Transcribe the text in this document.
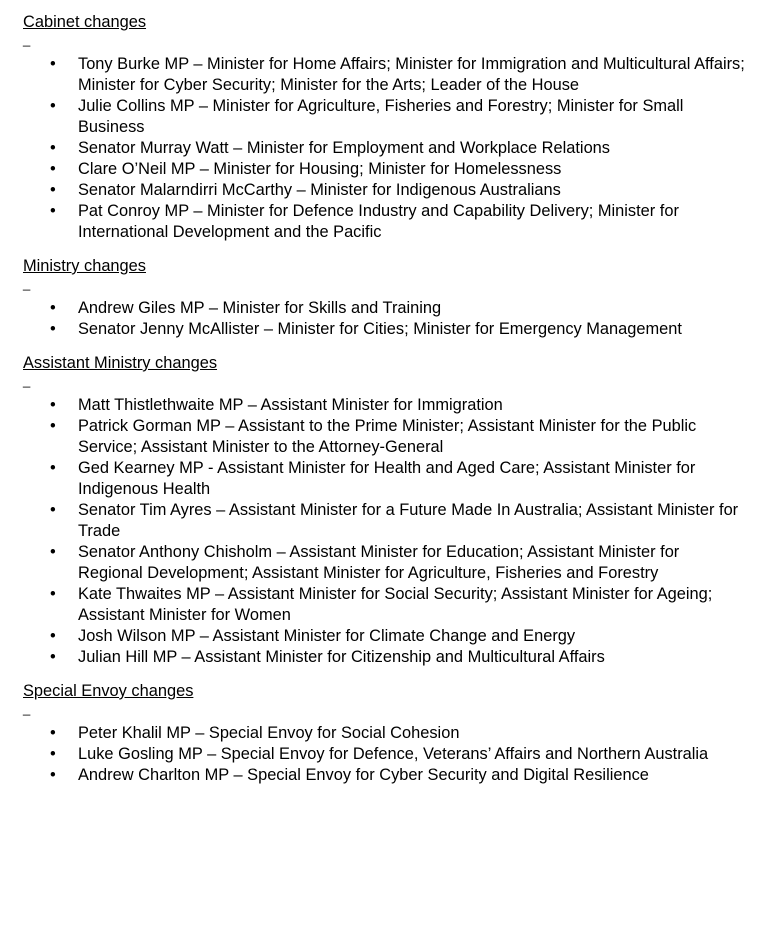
Cabinet changes
_
• Tony Burke MP – Minister for Home Affairs; Minister for Immigration and Multicultural Affairs; Minister for Cyber Security; Minister for the Arts; Leader of the House
• Julie Collins MP – Minister for Agriculture, Fisheries and Forestry; Minister for Small Business
• Senator Murray Watt – Minister for Employment and Workplace Relations
• Clare O’Neil MP – Minister for Housing; Minister for Homelessness
• Senator Malarndirri McCarthy – Minister for Indigenous Australians
• Pat Conroy MP – Minister for Defence Industry and Capability Delivery; Minister for International Development and the Pacific
Ministry changes
_
• Andrew Giles MP – Minister for Skills and Training
• Senator Jenny McAllister – Minister for Cities; Minister for Emergency Management
Assistant Ministry changes
_
• Matt Thistlethwaite MP – Assistant Minister for Immigration
• Patrick Gorman MP – Assistant to the Prime Minister; Assistant Minister for the Public Service; Assistant Minister to the Attorney-General
• Ged Kearney MP - Assistant Minister for Health and Aged Care; Assistant Minister for Indigenous Health
• Senator Tim Ayres – Assistant Minister for a Future Made In Australia; Assistant Minister for Trade
• Senator Anthony Chisholm – Assistant Minister for Education; Assistant Minister for Regional Development; Assistant Minister for Agriculture, Fisheries and Forestry
• Kate Thwaites MP – Assistant Minister for Social Security; Assistant Minister for Ageing; Assistant Minister for Women
• Josh Wilson MP – Assistant Minister for Climate Change and Energy
• Julian Hill MP – Assistant Minister for Citizenship and Multicultural Affairs
Special Envoy changes
_
• Peter Khalil MP – Special Envoy for Social Cohesion
• Luke Gosling MP – Special Envoy for Defence, Veterans’ Affairs and Northern Australia
• Andrew Charlton MP – Special Envoy for Cyber Security and Digital Resilience
